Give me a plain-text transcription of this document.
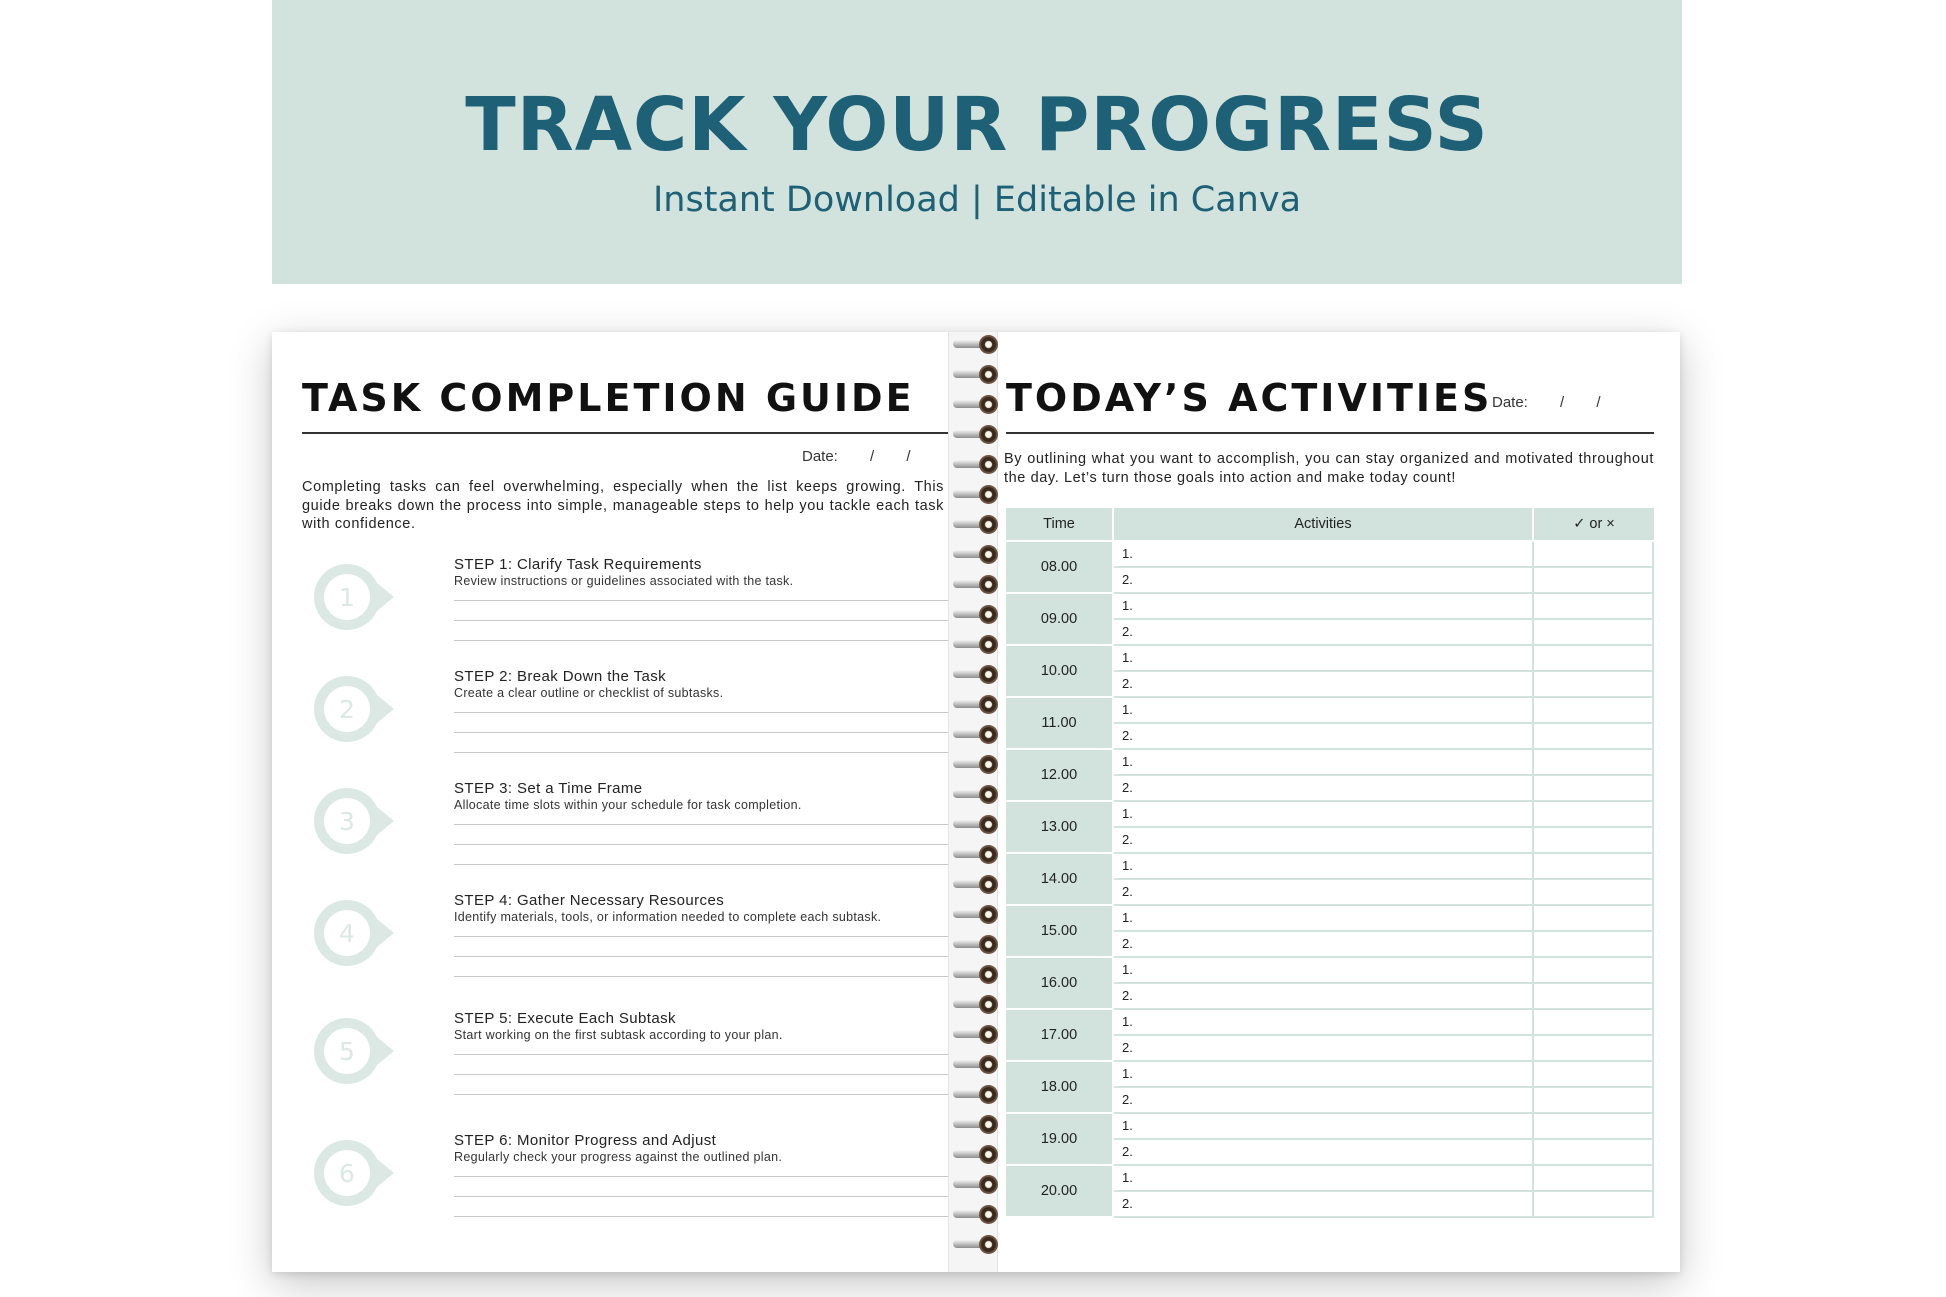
TRACK YOUR PROGRESS
Instant Download | Editable in Canva
TASK COMPLETION GUIDE
Date: / /
Completing tasks can feel overwhelming, especially when the list keeps growing. This guide breaks down the process into simple, manageable steps to help you tackle each task with confidence.
1
STEP 1: Clarify Task Requirements
Review instructions or guidelines associated with the task.
2
STEP 2: Break Down the Task
Create a clear outline or checklist of subtasks.
3
STEP 3: Set a Time Frame
Allocate time slots within your schedule for task completion.
4
STEP 4: Gather Necessary Resources
Identify materials, tools, or information needed to complete each subtask.
5
STEP 5: Execute Each Subtask
Start working on the first subtask according to your plan.
6
STEP 6: Monitor Progress and Adjust
Regularly check your progress against the outlined plan.
TODAY’S ACTIVITIES Date: / /
By outlining what you want to accomplish, you can stay organized and motivated throughout the day. Let’s turn those goals into action and make today count!
Time	Activities	✓ or ×
08.00
1.
2.
09.00
1.
2.
10.00
1.
2.
11.00
1.
2.
12.00
1.
2.
13.00
1.
2.
14.00
1.
2.
15.00
1.
2.
16.00
1.
2.
17.00
1.
2.
18.00
1.
2.
19.00
1.
2.
20.00
1.
2.
